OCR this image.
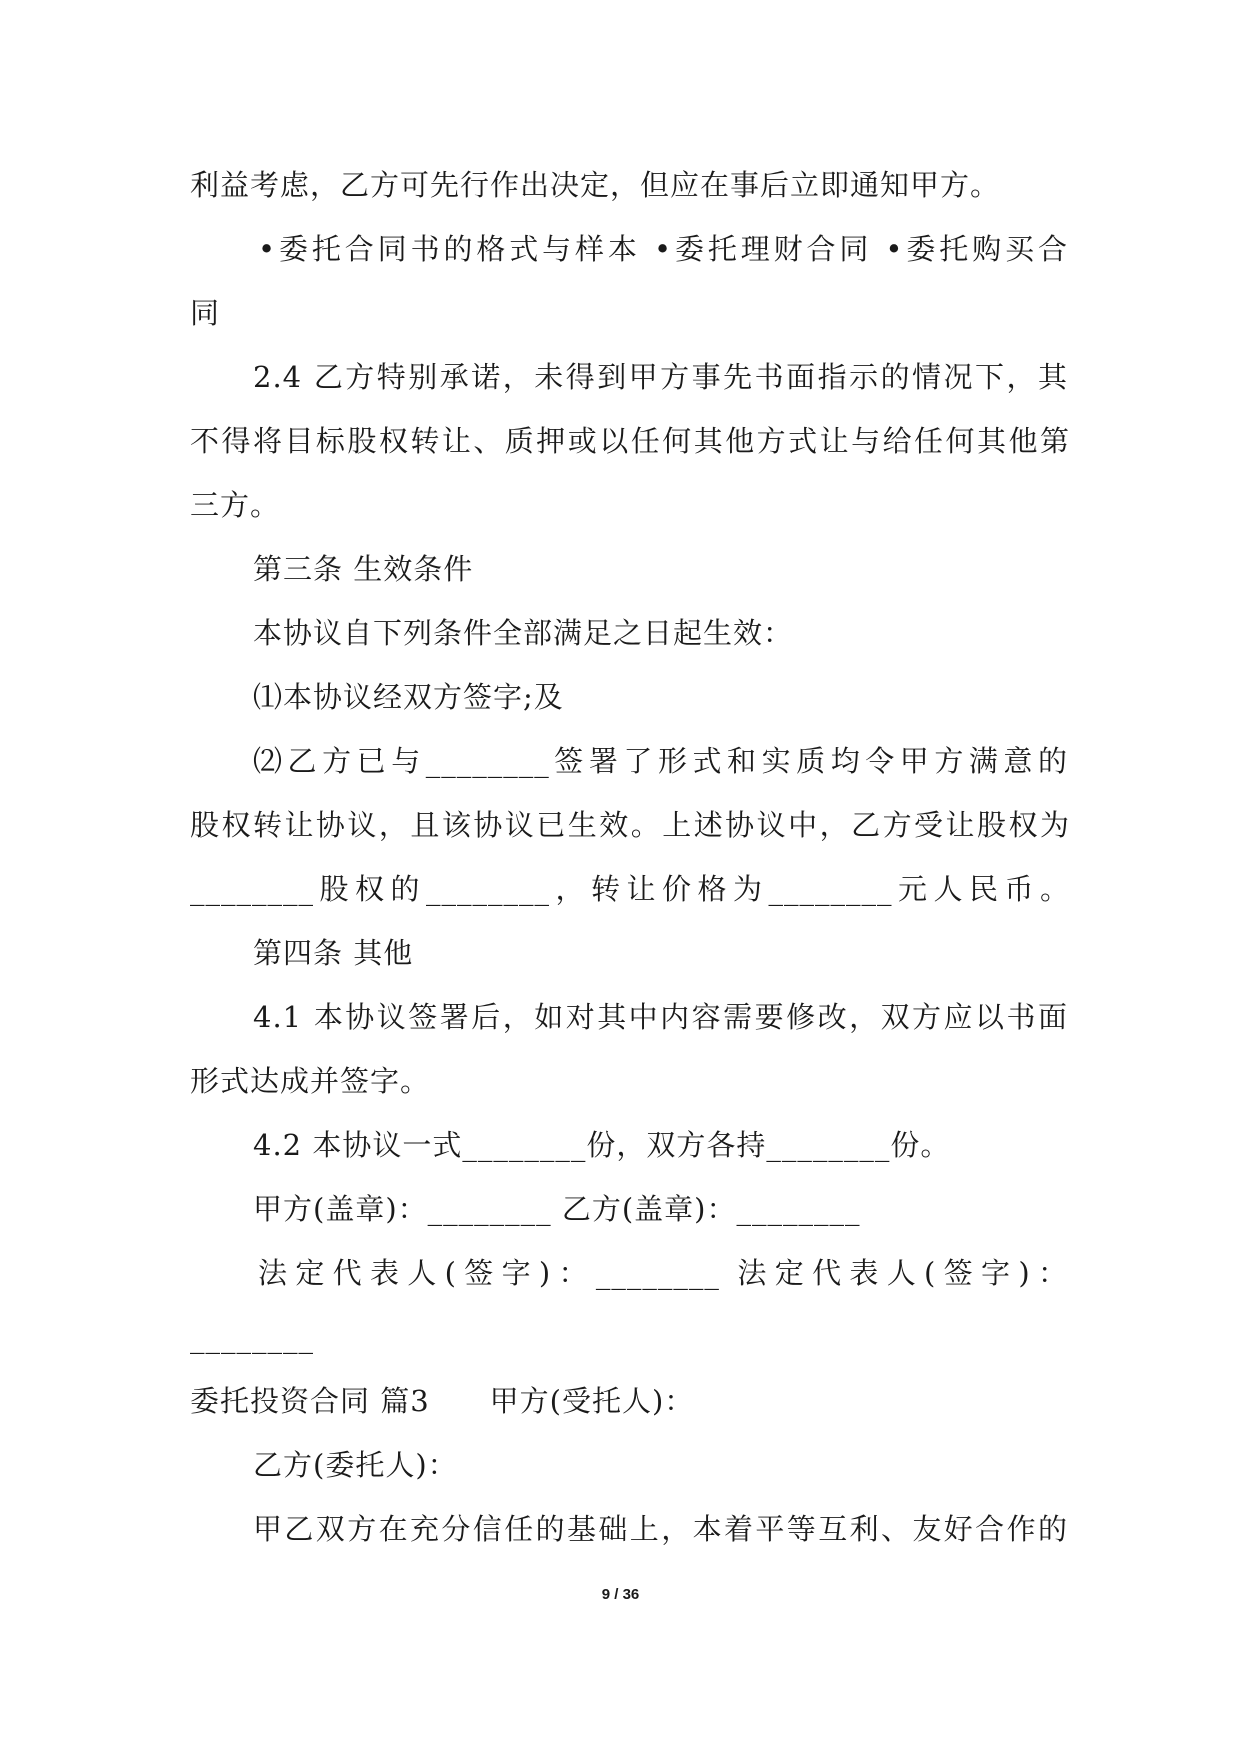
利益考虑，乙方可先行作出决定，但应在事后立即通知甲方。
•委托合同书的格式与样本 •委托理财合同 •委托购买合
同
2.4 乙方特别承诺，未得到甲方事先书面指示的情况下，其
不得将目标股权转让、质押或以任何其他方式让与给任何其他第
三方。
第三条 生效条件
本协议自下列条件全部满足之日起生效：
⑴本协议经双方签字;及
⑵乙方已与________签署了形式和实质均令甲方满意的
股权转让协议，且该协议已生效。上述协议中，乙方受让股权为
________股权的________，转让价格为________元人民币。
第四条 其他
4.1 本协议签署后，如对其中内容需要修改，双方应以书面
形式达成并签字。
4.2 本协议一式________份，双方各持________份。
甲方(盖章)：________ 乙方(盖章)：________
法定代表人(签字)：________ 法定代表人(签字)：
________
委托投资合同 篇3　　甲方(受托人)：
乙方(委托人)：
甲乙双方在充分信任的基础上，本着平等互利、友好合作的
9 / 36
